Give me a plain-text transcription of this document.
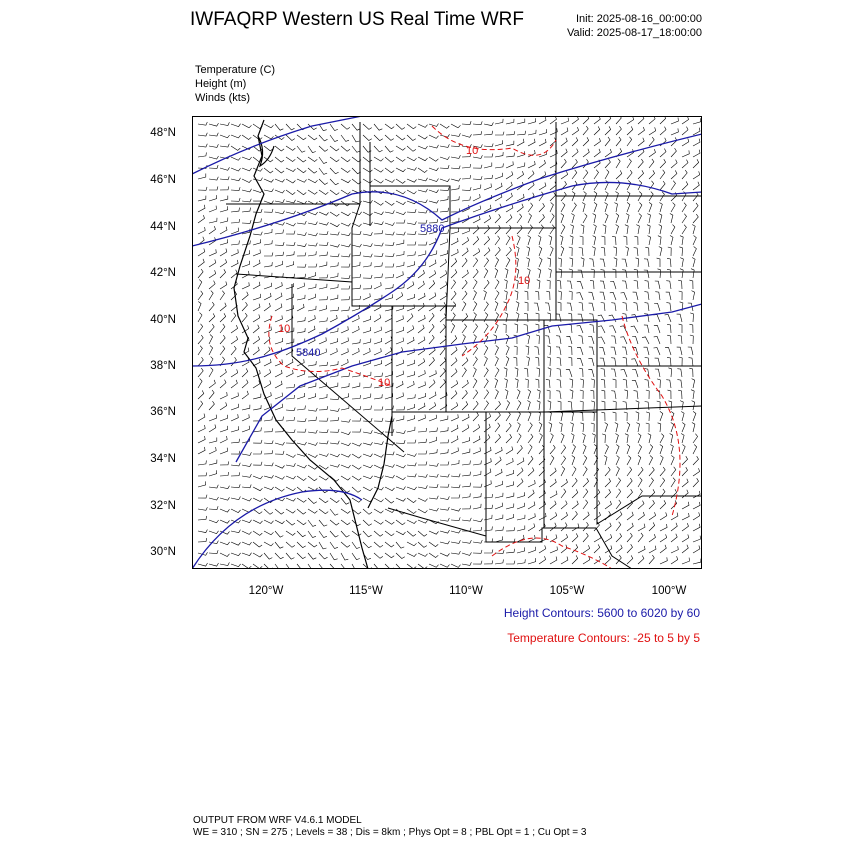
IWFAQRP Western US Real Time WRF	Init: 2025-08-16_00:00:00
Valid: 2025-08-17_18:00:00
Temperature (C)
Height (m)
Winds (kts)
48°N
46°N
44°N
42°N
40°N
38°N
36°N
34°N
32°N
30°N
120°W	115°W	110°W	105°W	100°W
5880
5840
10
10
10
10
Height Contours: 5600 to 6020 by 60
Temperature Contours: -25 to 5 by 5
OUTPUT FROM WRF V4.6.1 MODEL
WE = 310 ; SN = 275 ; Levels = 38 ; Dis = 8km ; Phys Opt = 8 ; PBL Opt = 1 ; Cu Opt = 3
